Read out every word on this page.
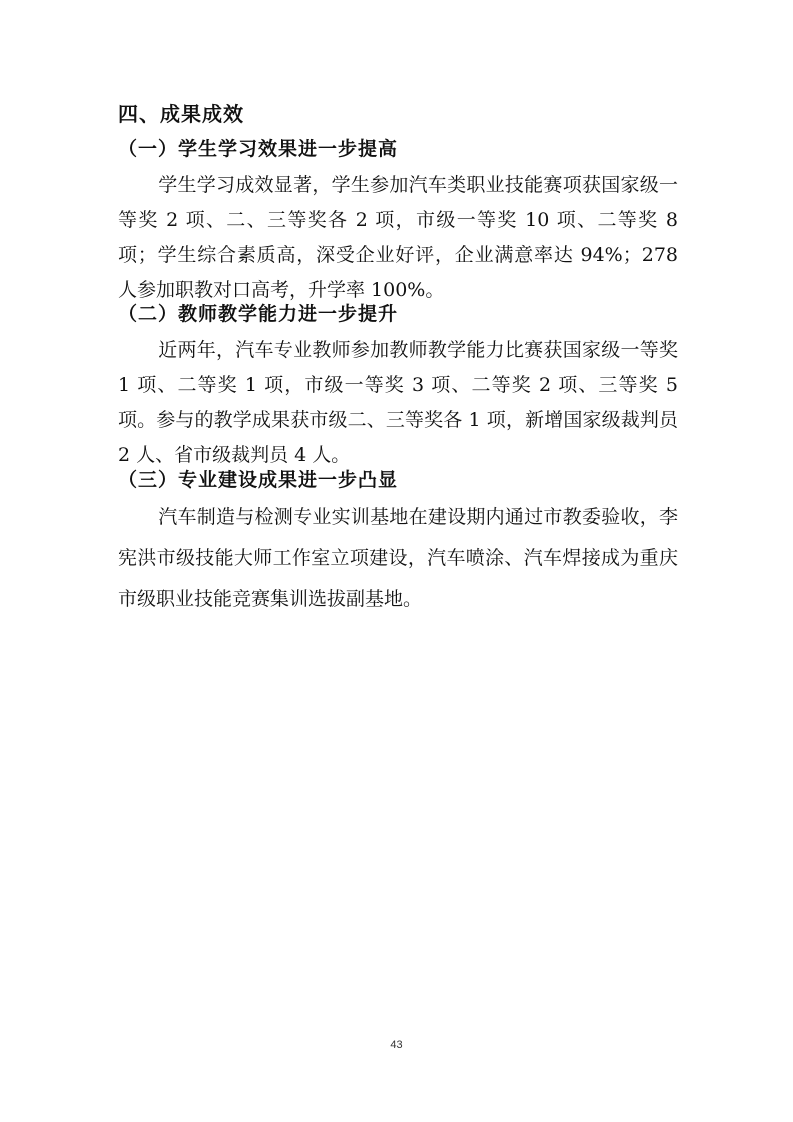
四、成果成效
（一）学生学习效果进一步提高

学生学习成效显著，学生参加汽车类职业技能赛项获国家级一等奖 2 项、二、三等奖各 2 项，市级一等奖 10 项、二等奖 8 项；学生综合素质高，深受企业好评，企业满意率达 94%；278 人参加职教对口高考，升学率 100%。

（二）教师教学能力进一步提升

近两年，汽车专业教师参加教师教学能力比赛获国家级一等奖 1 项、二等奖 1 项，市级一等奖 3 项、二等奖 2 项、三等奖 5 项。参与的教学成果获市级二、三等奖各 1 项，新增国家级裁判员 2 人、省市级裁判员 4 人。

（三）专业建设成果进一步凸显

汽车制造与检测专业实训基地在建设期内通过市教委验收，李宪洪市级技能大师工作室立项建设，汽车喷涂、汽车焊接成为重庆市级职业技能竞赛集训选拔副基地。

43
